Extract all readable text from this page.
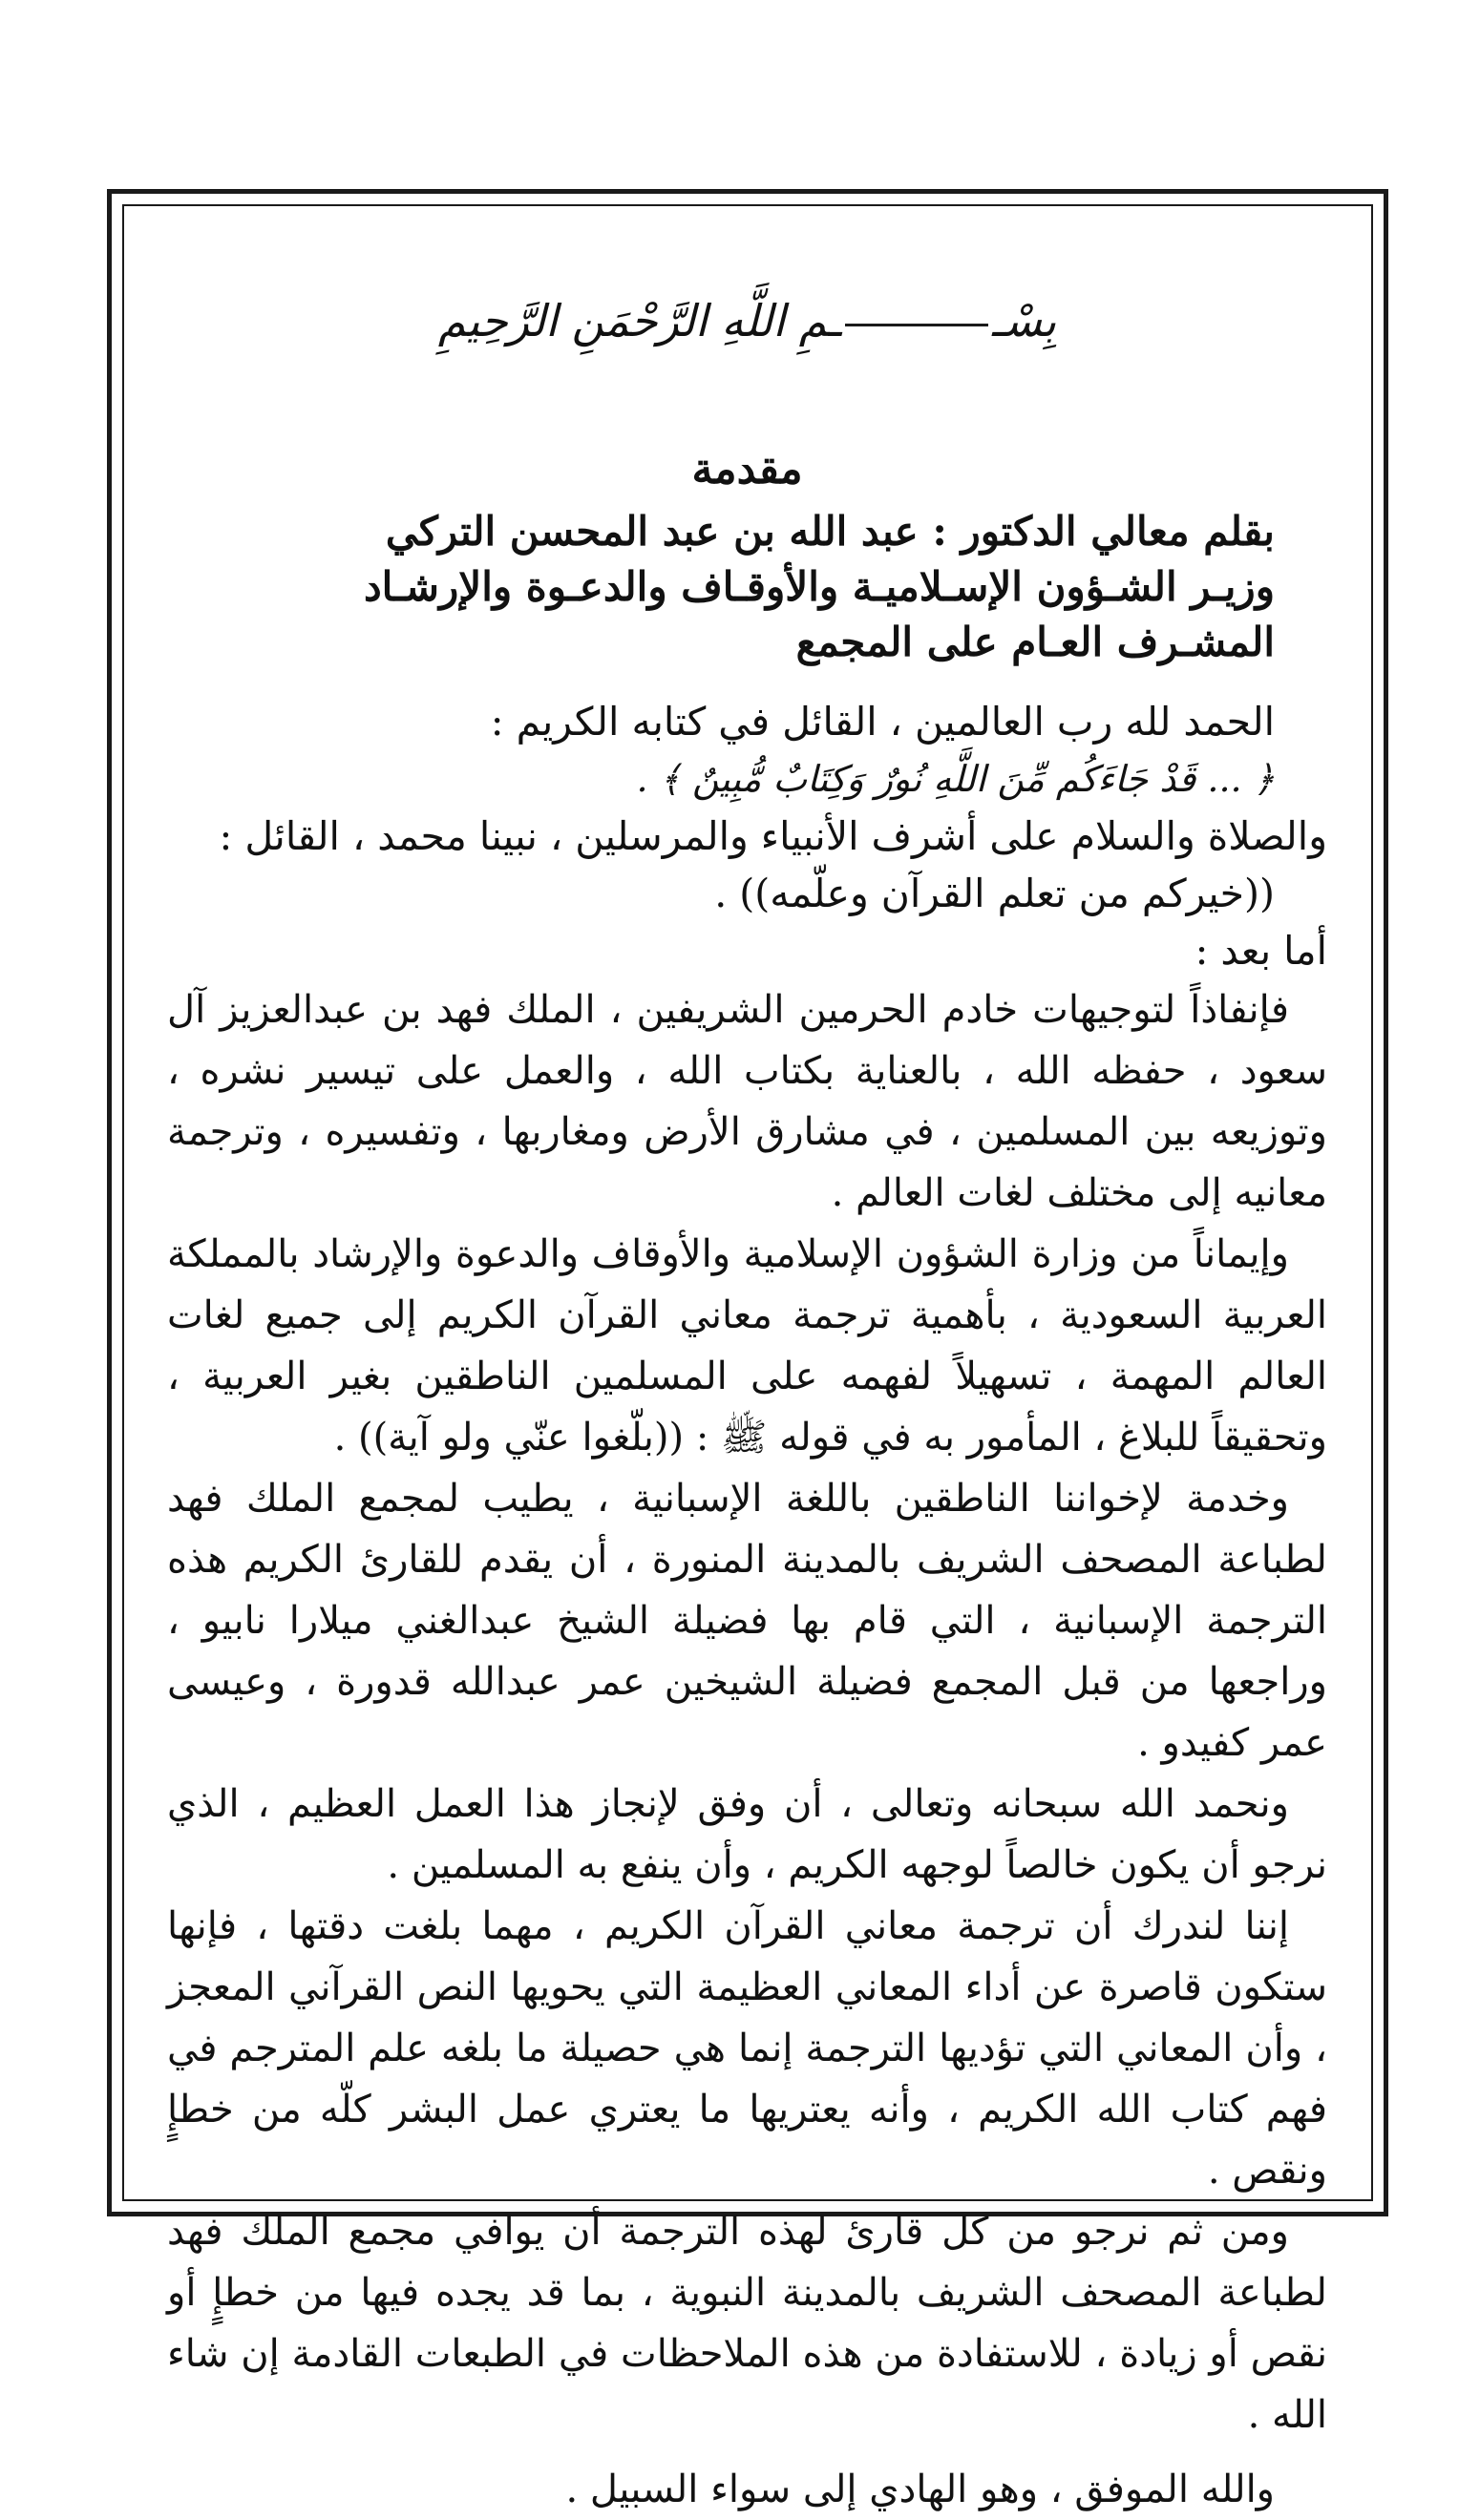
بِسْــمِ اللَّهِ الرَّحْمَنِ الرَّحِيمِ
مقدمة
بقلم معالي الدكتور : عبد الله بن عبد المحسن التركي
وزيـر الشـؤون الإسـلاميـة والأوقـاف والدعـوة والإرشـاد
المشـرف العـام على المجمع

الحمد لله رب العالمين ، القائل في كتابه الكريم :

﴿ ... قَدْ جَاءَكُم مِّنَ اللَّهِ نُورٌ وَكِتَابٌ مُّبِينٌ ﴾ .

والصلاة والسلام على أشرف الأنبياء والمرسلين ، نبينا محمد ، القائل :

((خيركم من تعلم القرآن وعلّمه)) .

أما بعد :

فإنفاذاً لتوجيهات خادم الحرمين الشريفين ، الملك فهد بن عبدالعزيز آل سعود ، حفظه الله ، بالعناية بكتاب الله ، والعمل على تيسير نشره ، وتوزيعه بين المسلمين ، في مشارق الأرض ومغاربها ، وتفسيره ، وترجمة معانيه إلى مختلف لغات العالم .

وإيماناً من وزارة الشؤون الإسلامية والأوقاف والدعوة والإرشاد بالمملكة العربية السعودية ، بأهمية ترجمة معاني القرآن الكريم إلى جميع لغات العالم المهمة ، تسهيلاً لفهمه على المسلمين الناطقين بغير العربية ، وتحقيقاً للبلاغ ، المأمور به في قوله ﷺ : ((بلّغوا عنّي ولو آية)) .

وخدمة لإخواننا الناطقين باللغة الإسبانية ، يطيب لمجمع الملك فهد لطباعة المصحف الشريف بالمدينة المنورة ، أن يقدم للقارئ الكريم هذه الترجمة الإسبانية ، التي قام بها فضيلة الشيخ عبدالغني ميلارا نابيو ، وراجعها من قبل المجمع فضيلة الشيخين عمر عبدالله قدورة ، وعيسى عمر كفيدو .

ونحمد الله سبحانه وتعالى ، أن وفق لإنجاز هذا العمل العظيم ، الذي نرجو أن يكون خالصاً لوجهه الكريم ، وأن ينفع به المسلمين .

إننا لندرك أن ترجمة معاني القرآن الكريم ، مهما بلغت دقتها ، فإنها ستكون قاصرة عن أداء المعاني العظيمة التي يحويها النص القرآني المعجز ، وأن المعاني التي تؤديها الترجمة إنما هي حصيلة ما بلغه علم المترجم في فهم كتاب الله الكريم ، وأنه يعتريها ما يعتري عمل البشر كلّه من خطإٍ ونقص .

ومن ثم نرجو من كل قارئ لهذه الترجمة أن يوافي مجمع الملك فهد لطباعة المصحف الشريف بالمدينة النبوية ، بما قد يجده فيها من خطإٍ أو نقص أو زيادة ، للاستفادة من هذه الملاحظات في الطبعات القادمة إن شاء الله .

والله الموفق ، وهو الهادي إلى سواء السبيل .
